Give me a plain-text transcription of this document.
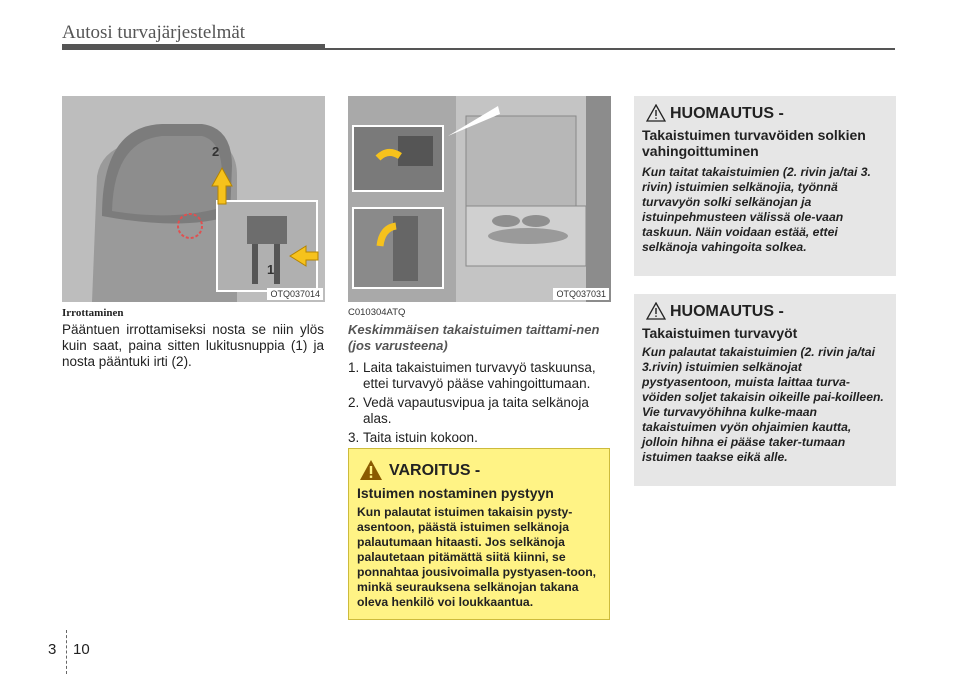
Autosi turvajärjestelmät
2
1
OTQ037014
Irrottaminen
Pääntuen irrottamiseksi nosta se niin ylös kuin saat, paina sitten lukitusnuppia (1) ja nosta pääntuki irti (2).
OTQ037031
C010304ATQ
Keskimmäisen takaistuimen taittami-nen (jos varusteena)
1. Laita takaistuimen turvavyö taskuunsa, ettei turvavyö pääse vahingoittumaan.
2. Vedä vapautusvipua ja taita selkänoja alas.
3. Taita istuin kokoon.
VAROITUS -
Istuimen nostaminen pystyyn
Kun palautat istuimen takaisin pysty-asentoon, päästä istuimen selkänoja palautumaan hitaasti. Jos selkänoja palautetaan pitämättä siitä kiinni, se ponnahtaa jousivoimalla pystyasen-toon, minkä seurauksena selkänojan takana oleva henkilö voi loukkaantua.
HUOMAUTUS -
Takaistuimen turvavöiden solkien vahingoittuminen
Kun taitat takaistuimien (2. rivin ja/tai 3. rivin) istuimien selkänojia, työnnä turvavyön solki selkänojan ja istuinpehmusteen välissä ole-vaan taskuun. Näin voidaan estää, ettei selkänoja vahingoita solkea.
HUOMAUTUS -
Takaistuimen turvavyöt
Kun palautat takaistuimien (2. rivin ja/tai 3.rivin) istuimien selkänojat pystyasentoon, muista laittaa turva-vöiden soljet takaisin oikeille pai-koilleen. Vie turvavyöhihna kulke-maan takaistuimen vyön ohjaimien kautta, jolloin hihna ei pääse taker-tumaan istuimen taakse eikä alle.
3 10
